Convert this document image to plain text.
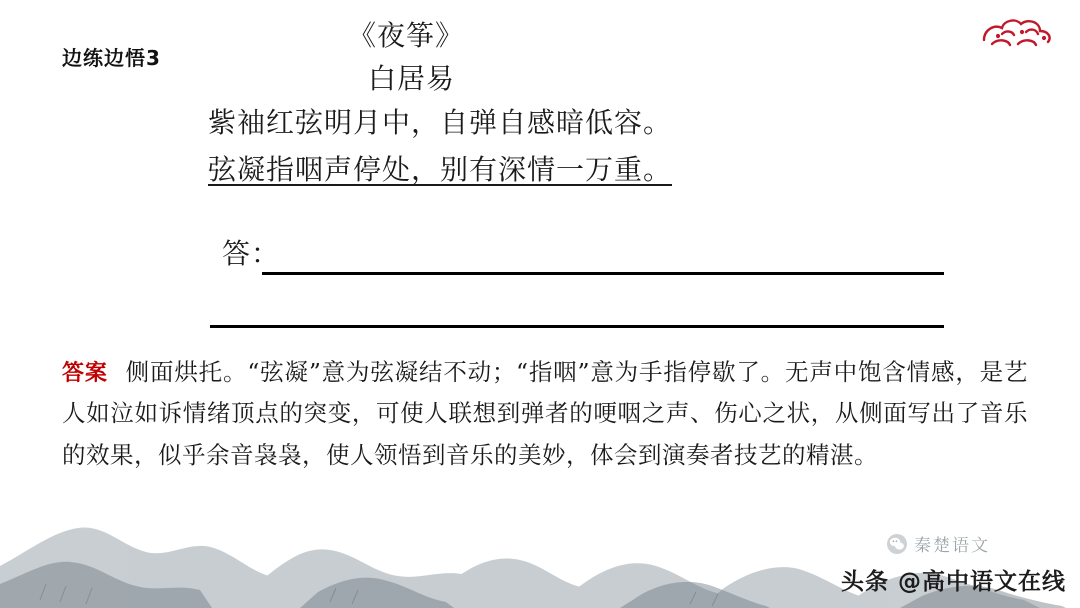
边练边悟3
《夜筝》
白居易
紫袖红弦明月中，自弹自感暗低容。
弦凝指咽声停处，别有深情一万重。
答：
答案 侧面烘托。“弦凝”意为弦凝结不动；“指咽”意为手指停歇了。无声中饱含情感，是艺人如泣如诉情绪顶点的突变，可使人联想到弹者的哽咽之声、伤心之状，从侧面写出了音乐的效果，似乎余音袅袅，使人领悟到音乐的美妙，体会到演奏者技艺的精湛。
秦楚语文
头条 @高中语文在线
